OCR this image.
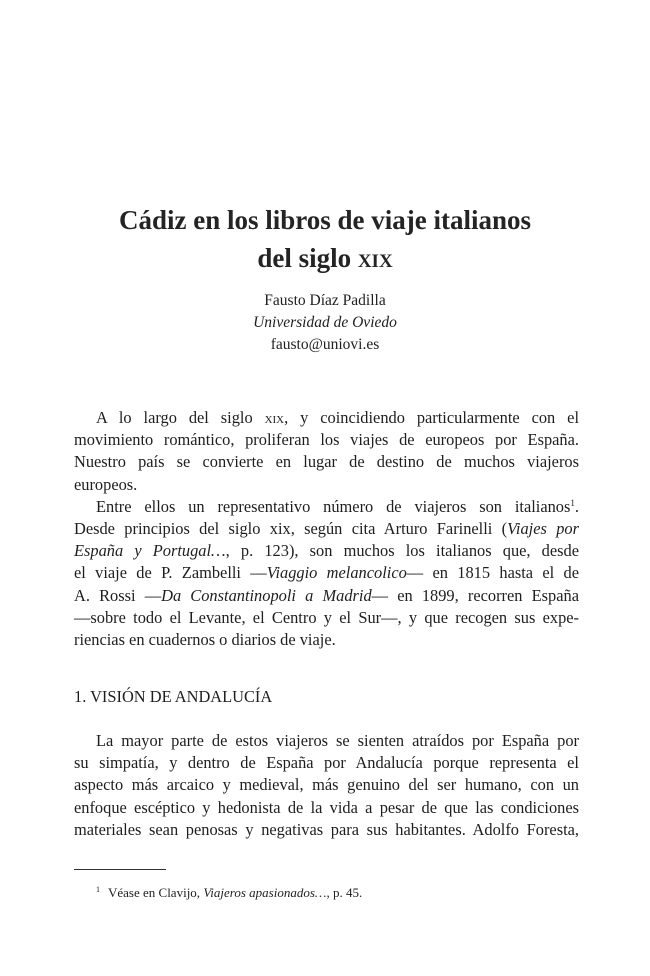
Cádiz en los libros de viaje italianos
del siglo xix
Fausto Díaz Padilla
Universidad de Oviedo
fausto@uniovi.es
A lo largo del siglo xix, y coincidiendo particularmente con el
movimiento romántico, proliferan los viajes de europeos por España.
Nuestro país se convierte en lugar de destino de muchos viajeros
europeos.
Entre ellos un representativo número de viajeros son italianos$^1$.
Desde principios del siglo xix, según cita Arturo Farinelli (Viajes por
España y Portugal…, p. 123), son muchos los italianos que, desde
el viaje de P. Zambelli —Viaggio melancolico— en 1815 hasta el de
A. Rossi —Da Constantinopoli a Madrid— en 1899, recorren España
—sobre todo el Levante, el Centro y el Sur—, y que recogen sus expe-
riencias en cuadernos o diarios de viaje.
1. VISIÓN DE ANDALUCÍA
La mayor parte de estos viajeros se sienten atraídos por España por
su simpatía, y dentro de España por Andalucía porque representa el
aspecto más arcaico y medieval, más genuino del ser humano, con un
enfoque escéptico y hedonista de la vida a pesar de que las condiciones
materiales sean penosas y negativas para sus habitantes. Adolfo Foresta,
$^1$ Véase en Clavijo, Viajeros apasionados…, p. 45.
